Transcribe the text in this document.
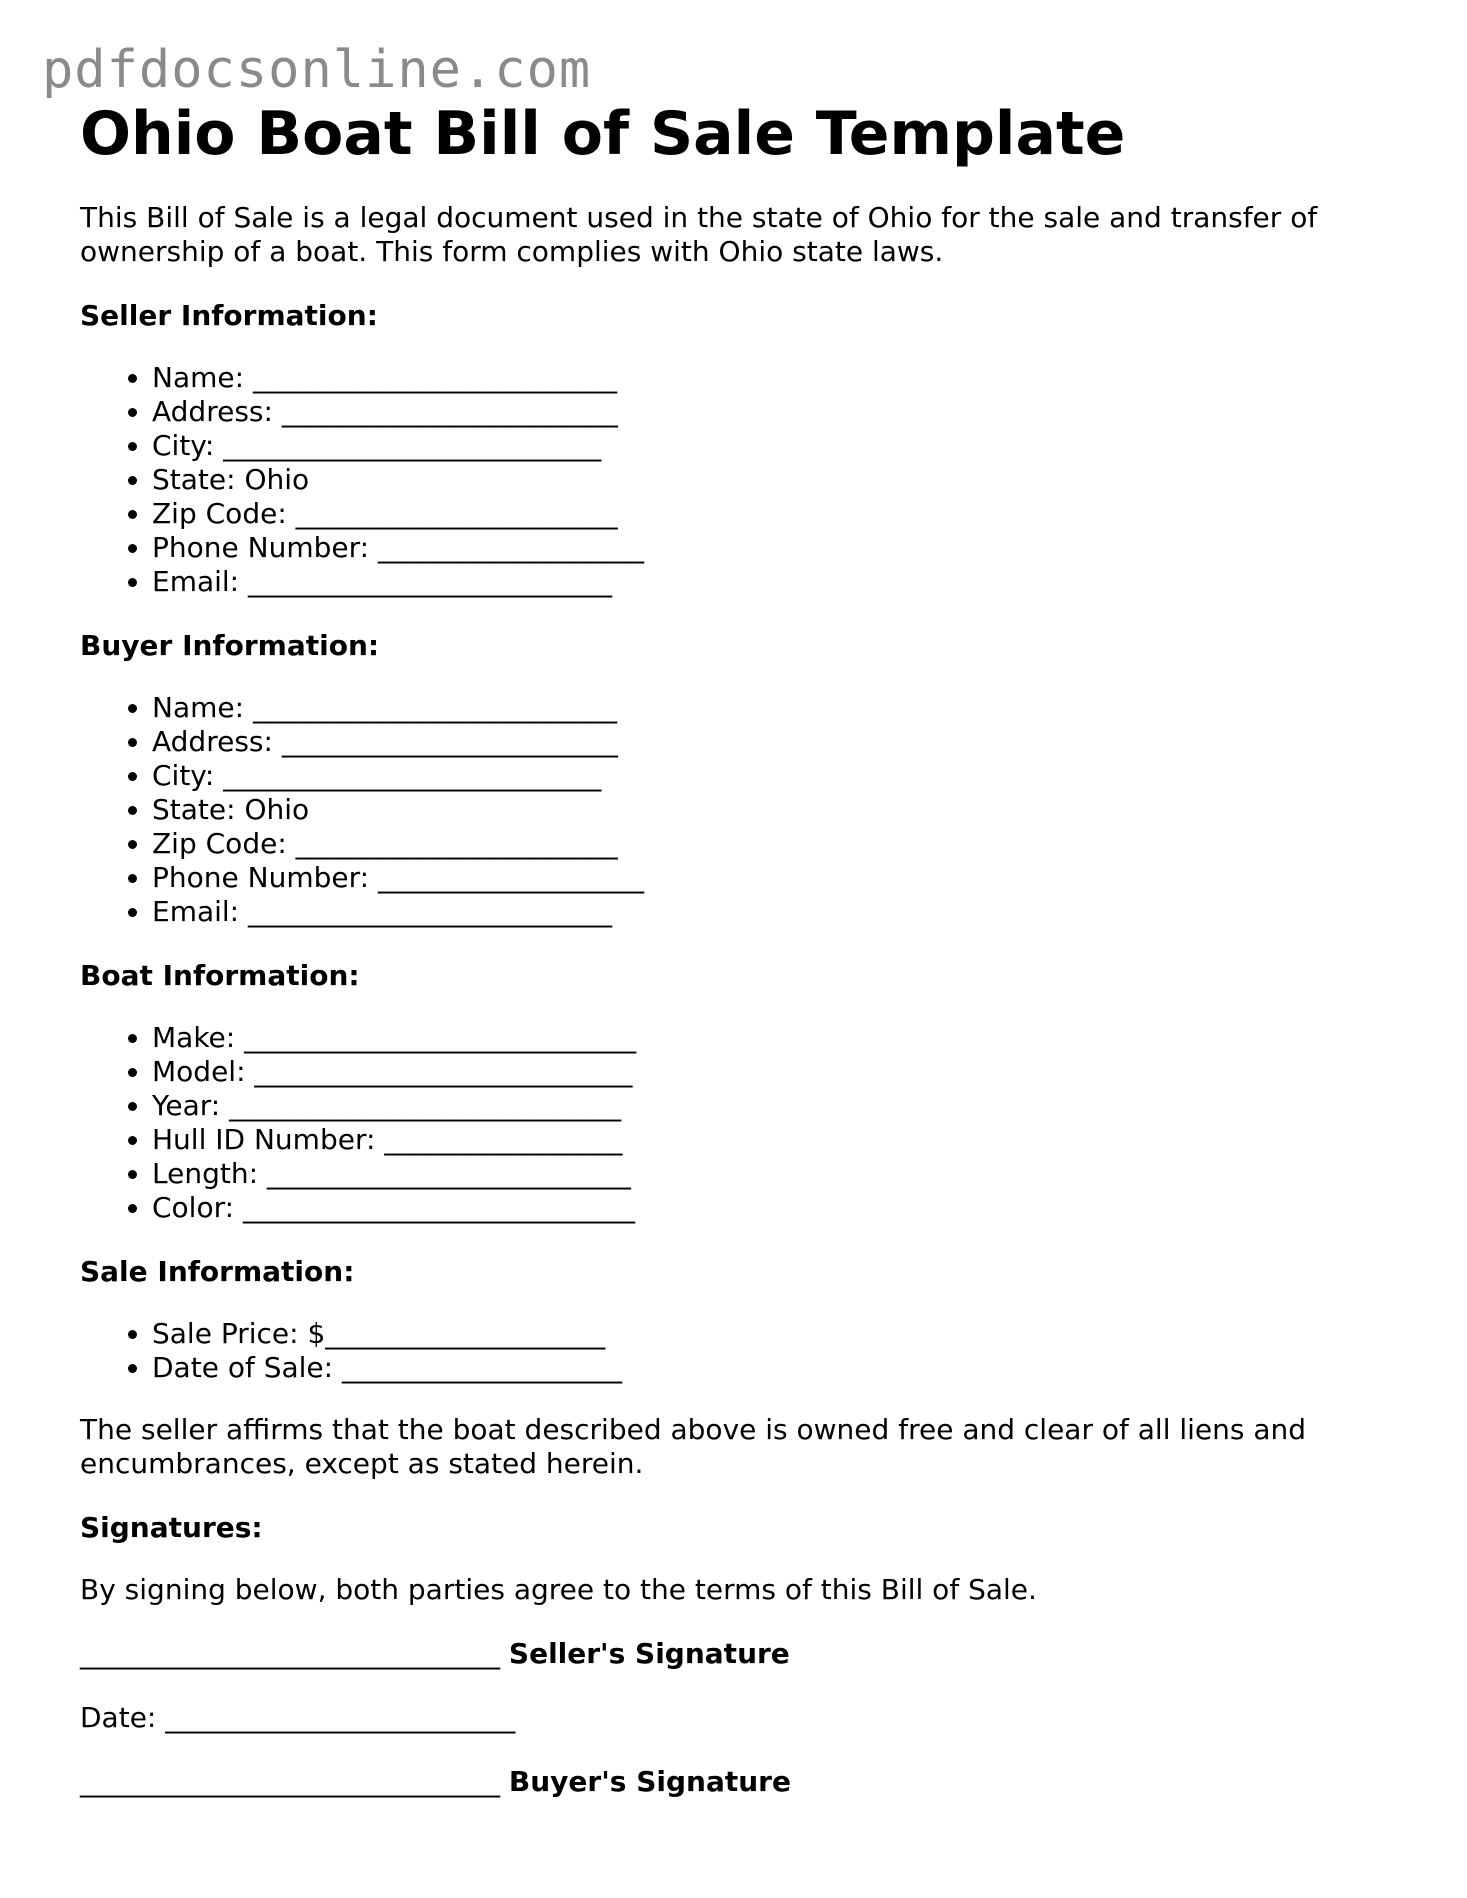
pdfdocsonline.com
Ohio Boat Bill of Sale Template

This Bill of Sale is a legal document used in the state of Ohio for the sale and transfer of ownership of a boat. This form complies with Ohio state laws.

Seller Information:
• Name: __________________________
• Address: ________________________
• City: ___________________________
• State: Ohio
• Zip Code: _______________________
• Phone Number: ___________________
• Email: __________________________
Buyer Information:
• Name: __________________________
• Address: ________________________
• City: ___________________________
• State: Ohio
• Zip Code: _______________________
• Phone Number: ___________________
• Email: __________________________
Boat Information:
• Make: ____________________________
• Model: ___________________________
• Year: ____________________________
• Hull ID Number: _________________
• Length: __________________________
• Color: ____________________________
Sale Information:
• Sale Price: $____________________
• Date of Sale: ____________________

The seller affirms that the boat described above is owned free and clear of all liens and encumbrances, except as stated herein.

Signatures:

By signing below, both parties agree to the terms of this Bill of Sale.

______________________________ Seller's Signature
Date: _________________________
______________________________ Buyer's Signature
